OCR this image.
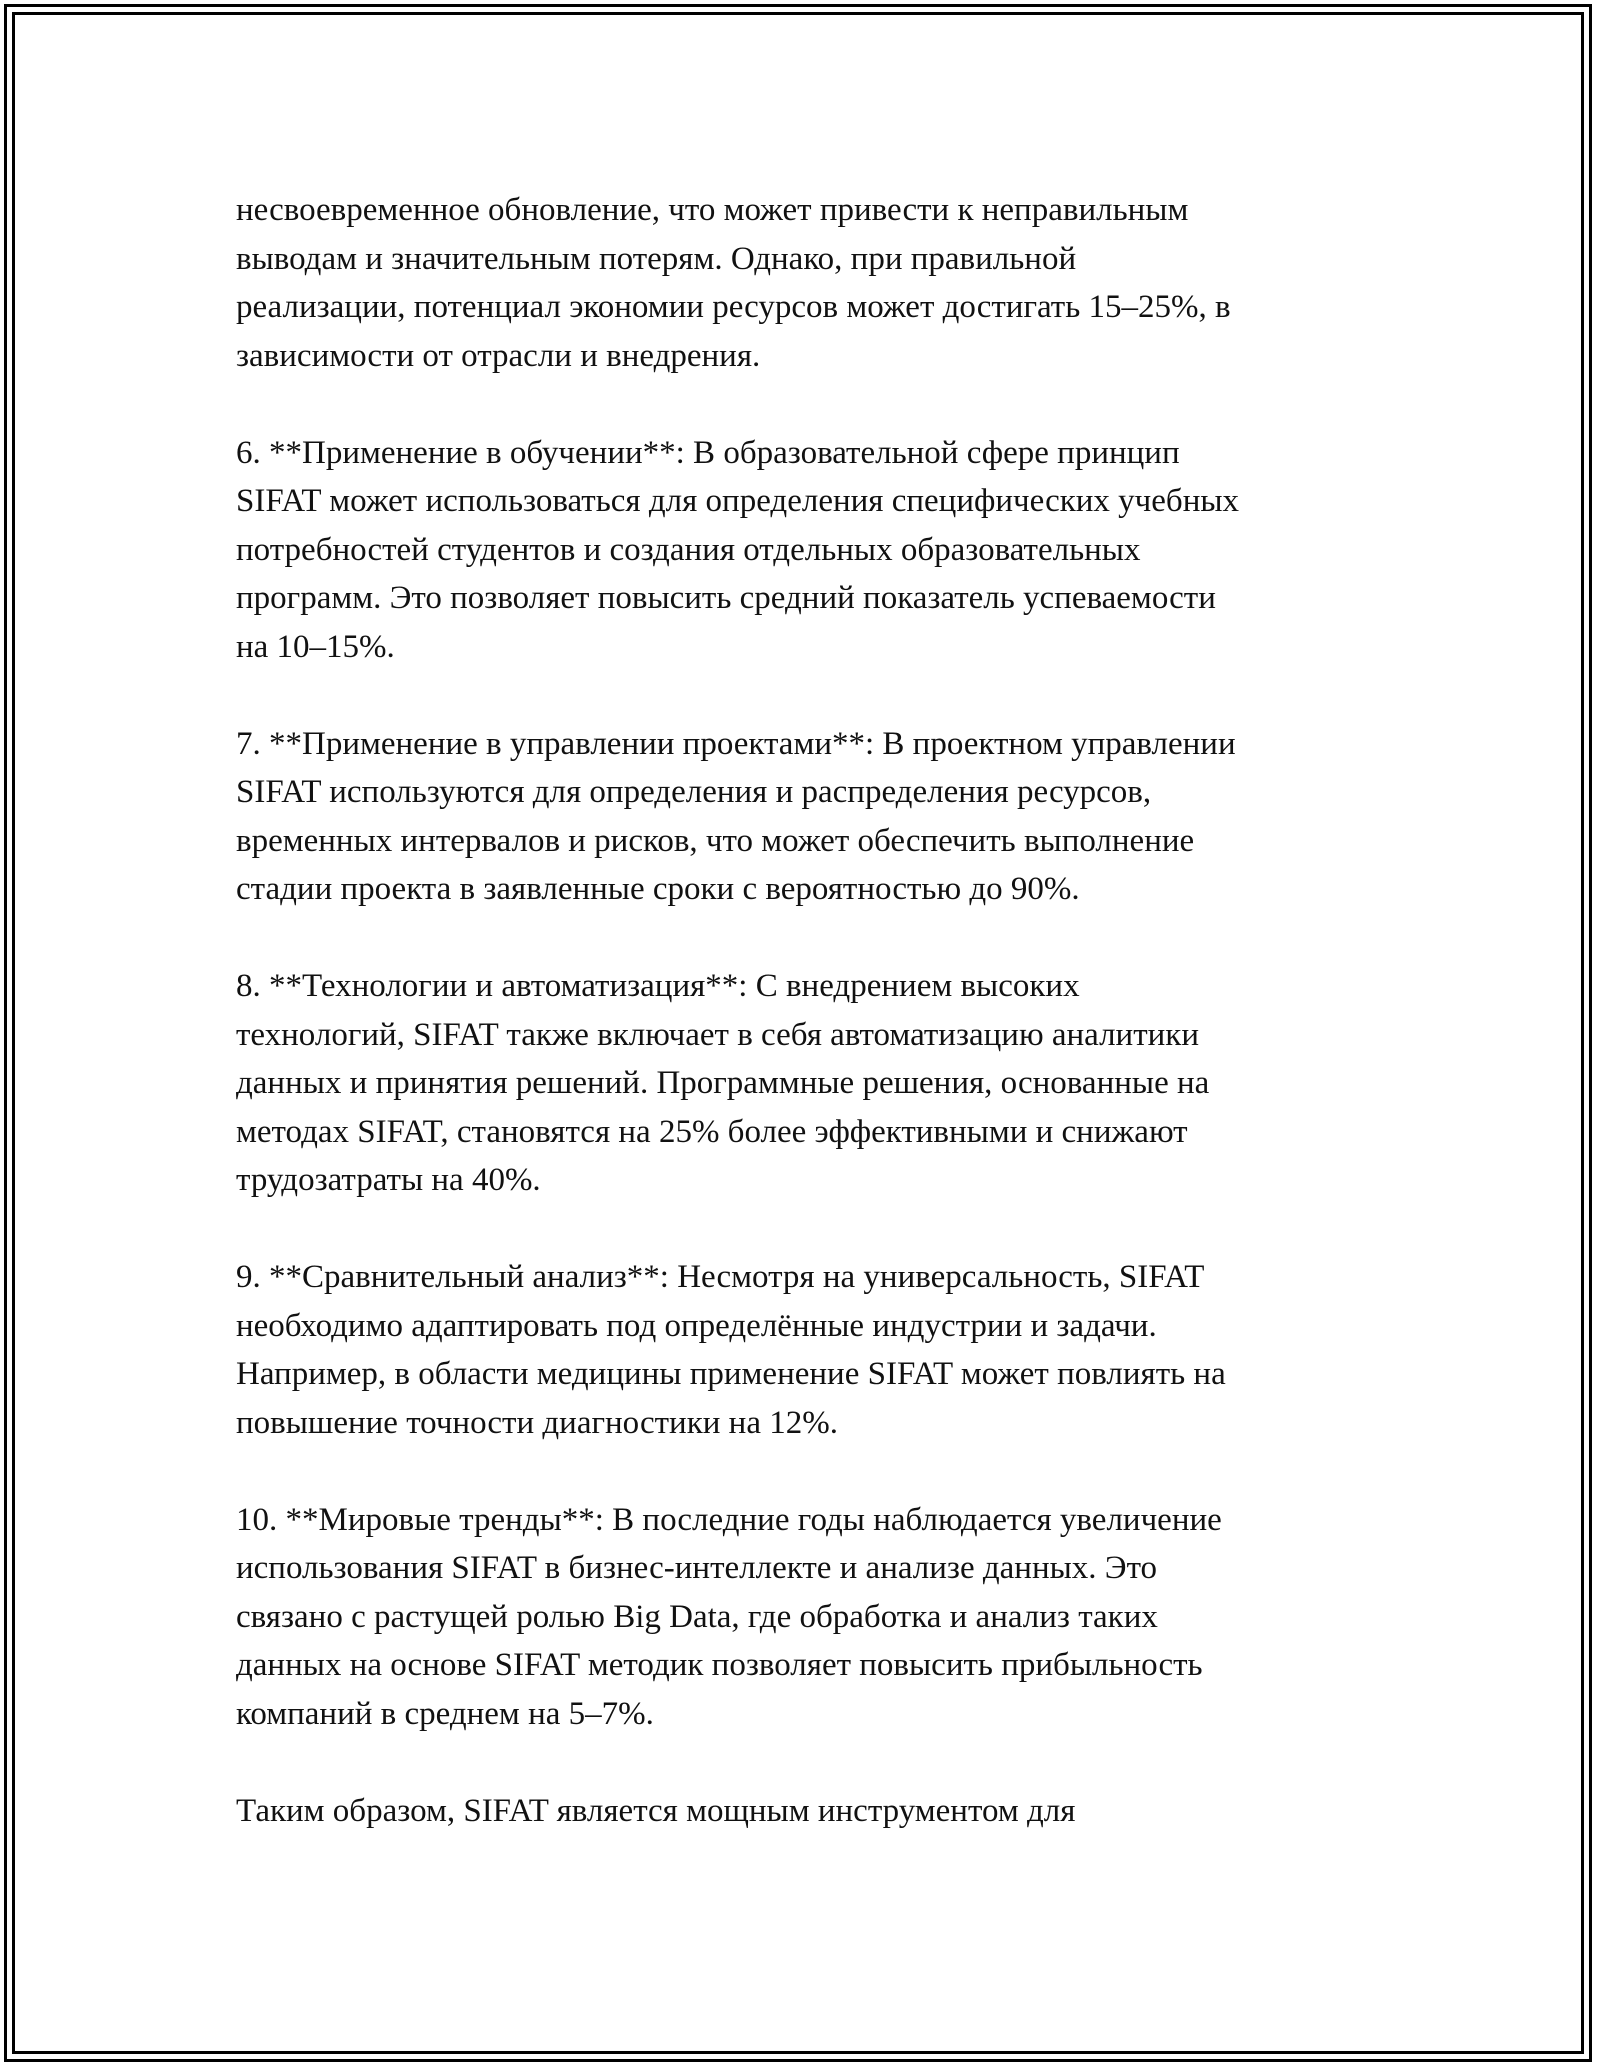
несвоевременное обновление, что может привести к неправильным
выводам и значительным потерям. Однако, при правильной
реализации, потенциал экономии ресурсов может достигать 15–25%, в
зависимости от отрасли и внедрения.

6. **Применение в обучении**: В образовательной сфере принцип
SIFAT может использоваться для определения специфических учебных
потребностей студентов и создания отдельных образовательных
программ. Это позволяет повысить средний показатель успеваемости
на 10–15%.

7. **Применение в управлении проектами**: В проектном управлении
SIFAT используются для определения и распределения ресурсов,
временных интервалов и рисков, что может обеспечить выполнение
стадии проекта в заявленные сроки с вероятностью до 90%.

8. **Технологии и автоматизация**: С внедрением высоких
технологий, SIFAT также включает в себя автоматизацию аналитики
данных и принятия решений. Программные решения, основанные на
методах SIFAT, становятся на 25% более эффективными и снижают
трудозатраты на 40%.

9. **Сравнительный анализ**: Несмотря на универсальность, SIFAT
необходимо адаптировать под определённые индустрии и задачи.
Например, в области медицины применение SIFAT может повлиять на
повышение точности диагностики на 12%.

10. **Мировые тренды**: В последние годы наблюдается увеличение
использования SIFAT в бизнес-интеллекте и анализе данных. Это
связано с растущей ролью Big Data, где обработка и анализ таких
данных на основе SIFAT методик позволяет повысить прибыльность
компаний в среднем на 5–7%.

Таким образом, SIFAT является мощным инструментом для
